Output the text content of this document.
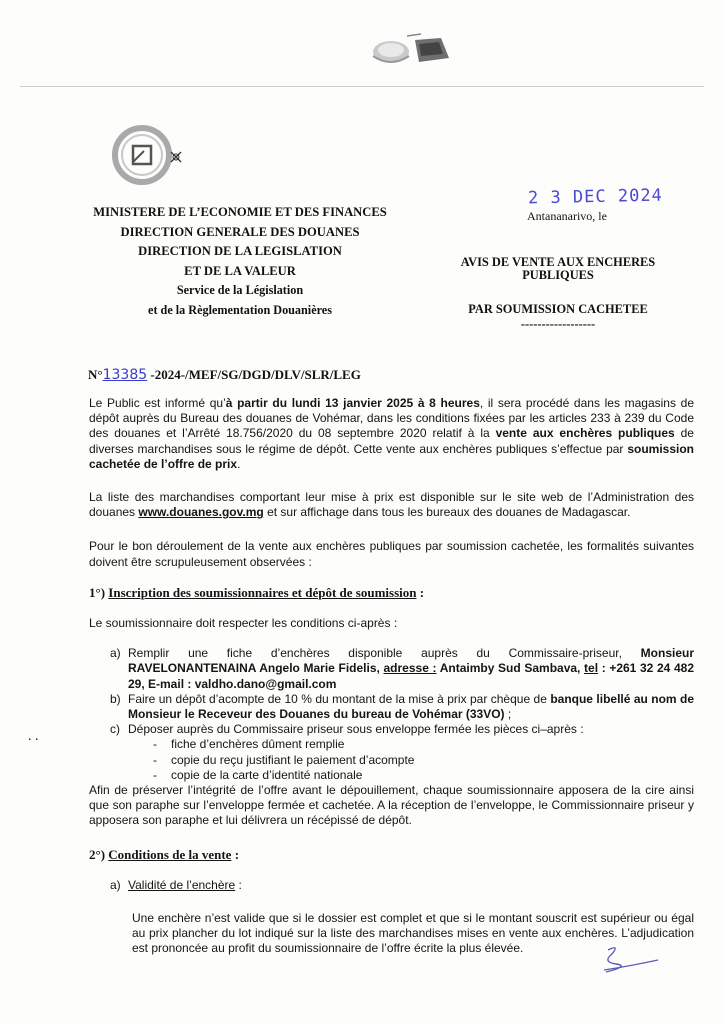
MINISTERE DE L’ECONOMIE ET DES FINANCES
DIRECTION GENERALE DES DOUANES
DIRECTION DE LA LEGISLATION
ET DE LA VALEUR
Service de la Législation
et de la Règlementation Douanières
2 3 DEC 2024
Antananarivo, le
AVIS DE VENTE AUX ENCHERES
PUBLIQUES
PAR SOUMISSION CACHETEE
------------------
N°13385 -2024-/MEF/SG/DGD/DLV/SLR/LEG

Le Public est informé qu’à partir du lundi 13 janvier 2025 à 8 heures, il sera procédé dans les magasins de dépôt auprès du Bureau des douanes de Vohémar, dans les conditions fixées par les articles 233 à 239 du Code des douanes et l’Arrêté 18.756/2020 du 08 septembre 2020 relatif à la vente aux enchères publiques de diverses marchandises sous le régime de dépôt. Cette vente aux enchères publiques s’effectue par soumission cachetée de l’offre de prix.

La liste des marchandises comportant leur mise à prix est disponible sur le site web de l’Administration des douanes www.douanes.gov.mg et sur affichage dans tous les bureaux des douanes de Madagascar.

Pour le bon déroulement de la vente aux enchères publiques par soumission cachetée, les formalités suivantes doivent être scrupuleusement observées :

1°) Inscription des soumissionnaires et dépôt de soumission :

Le soumissionnaire doit respecter les conditions ci-après :

a) Remplir une fiche d’enchères disponible auprès du Commissaire-priseur, Monsieur RAVELONANTENAINA Angelo Marie Fidelis, adresse : Antaimby Sud Sambava, tel : +261 32 24 482 29, E-mail : valdho.dano@gmail.com
b) Faire un dépôt d’acompte de 10 % du montant de la mise à prix par chèque de banque libellé au nom de Monsieur le Receveur des Douanes du bureau de Vohémar (33VO) ;
c) Déposer auprès du Commissaire priseur sous enveloppe fermée les pièces ci–après :
- fiche d’enchères dûment remplie
- copie du reçu justifiant le paiement d’acompte
- copie de la carte d’identité nationale

Afin de préserver l’intégrité de l’offre avant le dépouillement, chaque soumissionnaire apposera de la cire ainsi que son paraphe sur l’enveloppe fermée et cachetée. A la réception de l’enveloppe, le Commissionnaire priseur y apposera son paraphe et lui délivrera un récépissé de dépôt.

2°) Conditions de la vente :
a) Validité de l’enchère :

Une enchère n’est valide que si le dossier est complet et que si le montant souscrit est supérieur ou égal au prix plancher du lot indiqué sur la liste des marchandises mises en vente aux enchères. L’adjudication est prononcée au profit du soumissionnaire de l’offre écrite la plus élevée.

. .
